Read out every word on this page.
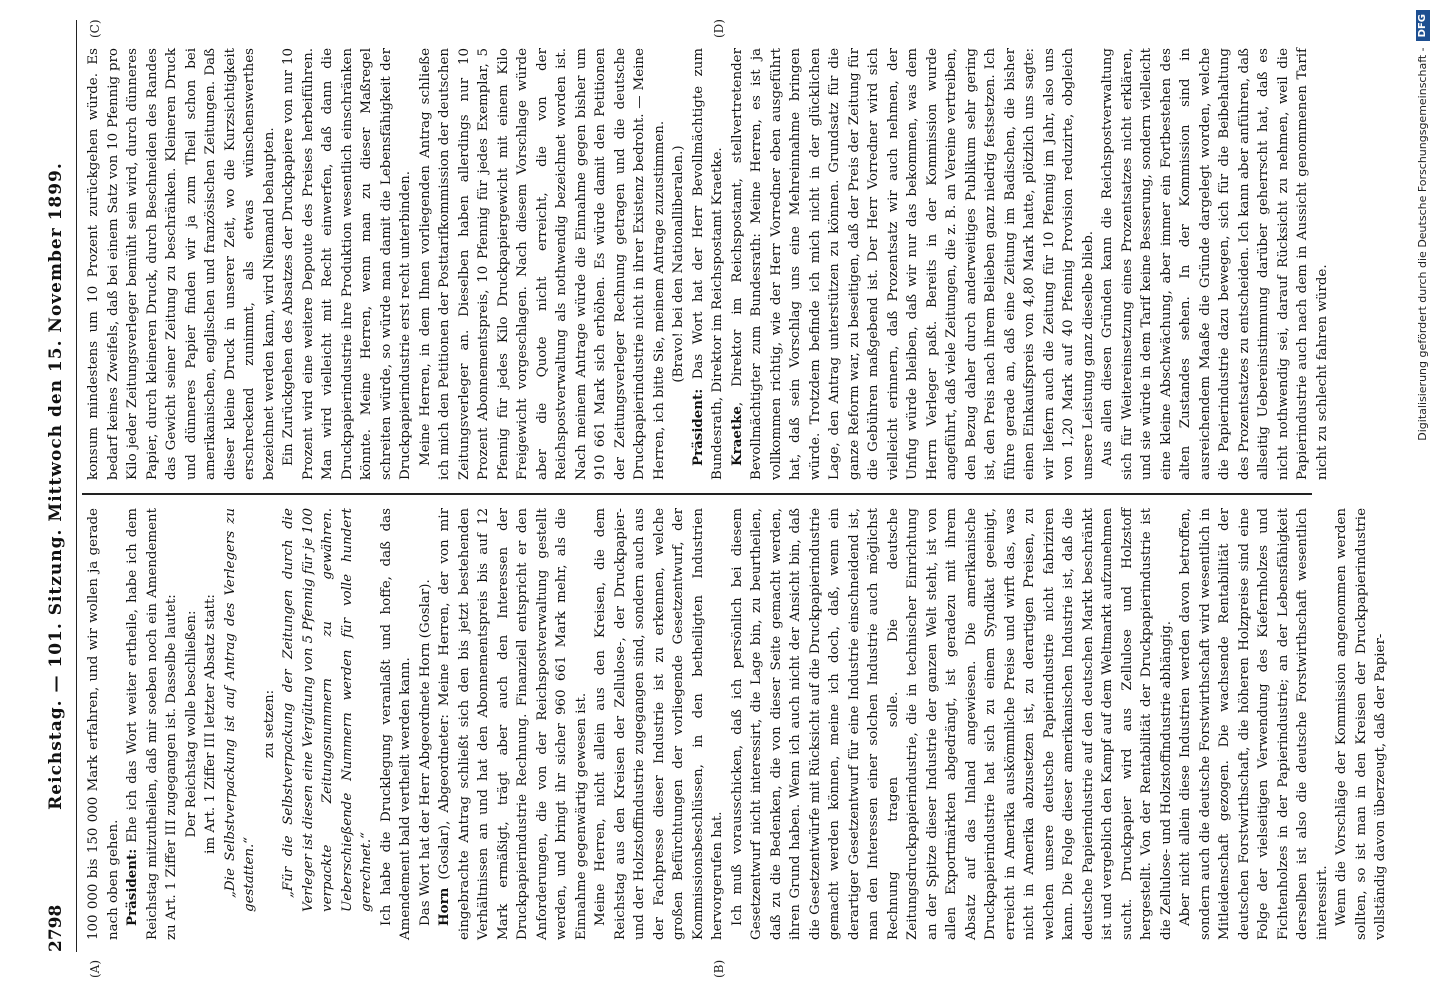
2798
Reichstag. — 101. Sitzung. Mittwoch den 15. November 1899.
(A)	(B)
(C)	(D)

100 000 bis 150 000 Mark erfahren, und wir wollen ja gerade nach oben gehen. Präsident: Ehe ich das Wort weiter ertheile, habe ich dem Reichstag mitzutheilen, daß mir soeben noch ein Amendement zu Art. 1 Ziffer III zugegangen ist. Dasselbe lautet: Der Reichstag wolle beschließen: im Art. 1 Ziffer III letzter Absatz statt: „Die Selbstverpackung ist auf Antrag des Verlegers zu gestatten.“

zu setzen: „Für die Selbstverpackung der Zeitungen durch die Verleger ist diesen eine Vergütung von 5 Pfennig für je 100 verpackte Zeitungsnummern zu gewähren. Ueberschießende Nummern werden für volle hundert gerechnet.“ Ich habe die Drucklegung veranlaßt und hoffe, daß das Amendement bald vertheilt werden kann. Das Wort hat der Herr Abgeordnete Horn (Goslar). Horn (Goslar), Abgeordneter: Meine Herren, der von mir eingebrachte Antrag schließt sich den bis jetzt bestehenden Verhältnissen an und hat den Abonnementspreis bis auf 12 Mark ermäßigt, trägt aber auch den Interessen der Druckpapierindustrie Rechnung. Finanziell entspricht er den Anforderungen, die von der Reichspostverwaltung gestellt werden, und bringt ihr sicher 960 661 Mark mehr, als die Einnahme gegenwärtig gewesen ist. Meine Herren, nicht allein aus den Kreisen, die dem Reichstag aus den Kreisen der Zellulose-, der Druckpapier- und der Holzstoffindustrie zugegangen sind, sondern auch aus der Fachpresse dieser Industrie ist zu erkennen, welche großen Befürchtungen der vorliegende Gesetzentwurf, der Kommissionsbeschlüssen, in den betheiligten Industrien hervorgerufen hat. Ich muß vorausschicken, daß ich persönlich bei diesem Gesetzentwurf nicht interessirt, die Lage bin, zu beurtheilen, daß zu die Bedenken, die von dieser Seite gemacht werden, ihren Grund haben. Wenn ich auch nicht der Ansicht bin, daß die Gesetzentwürfe mit Rücksicht auf die Druckpapierindustrie gemacht werden können, meine ich doch, daß, wenn ein derartiger Gesetzentwurf für eine Industrie einschneidend ist, man den Interessen einer solchen Industrie auch möglichst Rechnung tragen solle. Die deutsche Zeitungsdruckpapierindustrie, die in technischer Einrichtung an der Spitze dieser Industrie der ganzen Welt steht, ist von allen Exportmärkten abgedrängt, ist geradezu mit ihrem Absatz auf das Inland angewiesen. Die amerikanische Druckpapierindustrie hat sich zu einem Syndikat geeinigt, erreicht in Amerika auskömmliche Preise und wirft das, was nicht in Amerika abzusetzen ist, zu derartigen Preisen, zu welchen unsere deutsche Papierindustrie nicht fabriziren kann. Die Folge dieser amerikanischen Industrie ist, daß die deutsche Papierindustrie auf den deutschen Markt beschränkt ist und vergeblich den Kampf auf dem Weltmarkt aufzunehmen sucht. Druckpapier wird aus Zellulose und Holzstoff hergestellt. Von der Rentabilität der Druckpapierindustrie ist die Zellulose- und Holzstoffindustrie abhängig. Aber nicht allein diese Industrien werden davon betroffen, sondern auch die deutsche Forstwirthschaft wird wesentlich in Mitleidenschaft gezogen. Die wachsende Rentabilität der deutschen Forstwirthschaft, die höheren Holzpreise sind eine Folge der vielseitigen Verwendung des Kiefernholzes und Fichtenholzes in der Papierindustrie; an der Lebensfähigkeit derselben ist also die deutsche Forstwirthschaft wesentlich interessirt. Wenn die Vorschläge der Kommission angenommen werden sollten, so ist man in den Kreisen der Druckpapierindustrie vollständig davon überzeugt, daß der Papier-

konsum mindestens um 10 Prozent zurückgehen würde. Es bedarf keines Zweifels, daß bei einem Satz von 10 Pfennig pro Kilo jeder Zeitungsverleger bemüht sein wird, durch dünneres Papier, durch kleineren Druck, durch Beschneiden des Randes das Gewicht seiner Zeitung zu beschränken. Kleineren Druck und dünneres Papier finden wir ja zum Theil schon bei amerikanischen, englischen und französischen Zeitungen. Daß dieser kleine Druck in unserer Zeit, wo die Kurzsichtigkeit erschreckend zunimmt, als etwas wünschenswerthes bezeichnet werden kann, wird Niemand behaupten. Ein Zurückgehen des Absatzes der Druckpapiere von nur 10 Prozent wird eine weitere Depoute des Preises herbeiführen. Man wird vielleicht mit Recht einwerfen, daß dann die Druckpapierindustrie ihre Produktion wesentlich einschränken könnte. Meine Herren, wenn man zu dieser Maßregel schreiten würde, so würde man damit die Lebensfähigkeit der Druckpapierindustrie erst recht unterbinden. Meine Herren, in dem Ihnen vorliegenden Antrag schließe ich mich den Petitionen der Posttarifkommission der deutschen Zeitungsverleger an. Dieselben haben allerdings nur 10 Prozent Abonnementspreis, 10 Pfennig für jedes Exemplar, 5 Pfennig für jedes Kilo Druckpapiergewicht mit einem Kilo Freigewicht vorgeschlagen. Nach diesem Vorschlage würde aber die Quote nicht erreicht, die von der Reichspostverwaltung als nothwendig bezeichnet worden ist. Nach meinem Antrage würde die Einnahme gegen bisher um 910 661 Mark sich erhöhen. Es würde damit den Petitionen der Zeitungsverleger Rechnung getragen und die deutsche Druckpapierindustrie nicht in ihrer Existenz bedroht. — Meine Herren, ich bitte Sie, meinem Antrage zuzustimmen. (Bravo! bei den Nationalliberalen.)

Präsident: Das Wort hat der Herr Bevollmächtigte zum Bundesrath, Direktor im Reichspostamt Kraetke. Kraetke, Direktor im Reichspostamt, stellvertretender Bevollmächtigter zum Bundesrath: Meine Herren, es ist ja vollkommen richtig, wie der Herr Vorredner eben ausgeführt hat, daß sein Vorschlag uns eine Mehreinnahme bringen würde. Trotzdem befinde ich mich nicht in der glücklichen Lage, den Antrag unterstützen zu können. Grundsatz für die ganze Reform war, zu beseitigen, daß der Preis der Zeitung für die Gebühren maßgebend ist. Der Herr Vorredner wird sich vielleicht erinnern, daß Prozentsatz wir auch nehmen, der Unfug würde bleiben, daß wir nur das bekommen, was dem Herrn Verleger paßt. Bereits in der Kommission wurde angeführt, daß viele Zeitungen, die z. B. an Vereine vertreiben, den Bezug daher durch anderweitiges Publikum sehr gering ist, den Preis nach ihrem Belieben ganz niedrig festsetzen. Ich führe gerade an, daß eine Zeitung im Badischen, die bisher einen Einkaufspreis von 4,80 Mark hatte, plötzlich uns sagte: wir liefern auch die Zeitung für 10 Pfennig im Jahr, also uns von 1,20 Mark auf 40 Pfennig Provision reduzirte, obgleich unsere Leistung ganz dieselbe blieb. Aus allen diesen Gründen kann die Reichspostverwaltung sich für Weitereinsetzung eines Prozentsatzes nicht erklären, und sie würde in dem Tarif keine Besserung, sondern vielleicht eine kleine Abschwächung, aber immer ein Fortbestehen des alten Zustandes sehen. In der Kommission sind in ausreichendem Maaße die Gründe dargelegt worden, welche die Papierindustrie dazu bewegen, sich für die Beibehaltung des Prozentsatzes zu entscheiden. Ich kann aber anführen, daß allseitig Uebereinstimmung darüber geherrscht hat, daß es nicht nothwendig sei, darauf Rücksicht zu nehmen, weil die Papierindustrie auch nach dem in Aussicht genommenen Tarif nicht zu schlecht fahren würde.	Digitalisierung gefördert durch die Deutsche Forschungsgemeinschaft -DFG
